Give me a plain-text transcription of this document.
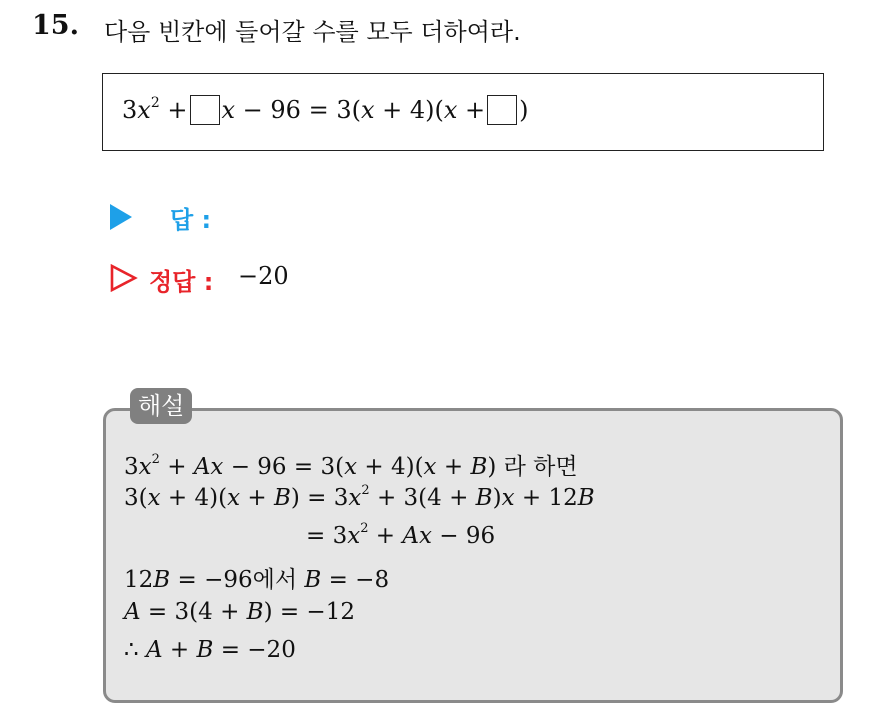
15. 다음 빈칸에 들어갈 수를 모두 더하여라.
$3x^2 + x - 96 = 3(x + 4)(x$ + )
답 :
정답 : −20
해설
$3x^2 + Ax - 96 = 3(x + 4)(x + B)$ 라 하면
$3(x + 4)(x + B) = 3x^2 + 3(4 + B)x + 12B$
= $3x^2 + Ax - 96$
12B = −96에서 B = −8
A = 3(4 + B) = −12
∴ A + B = −20
